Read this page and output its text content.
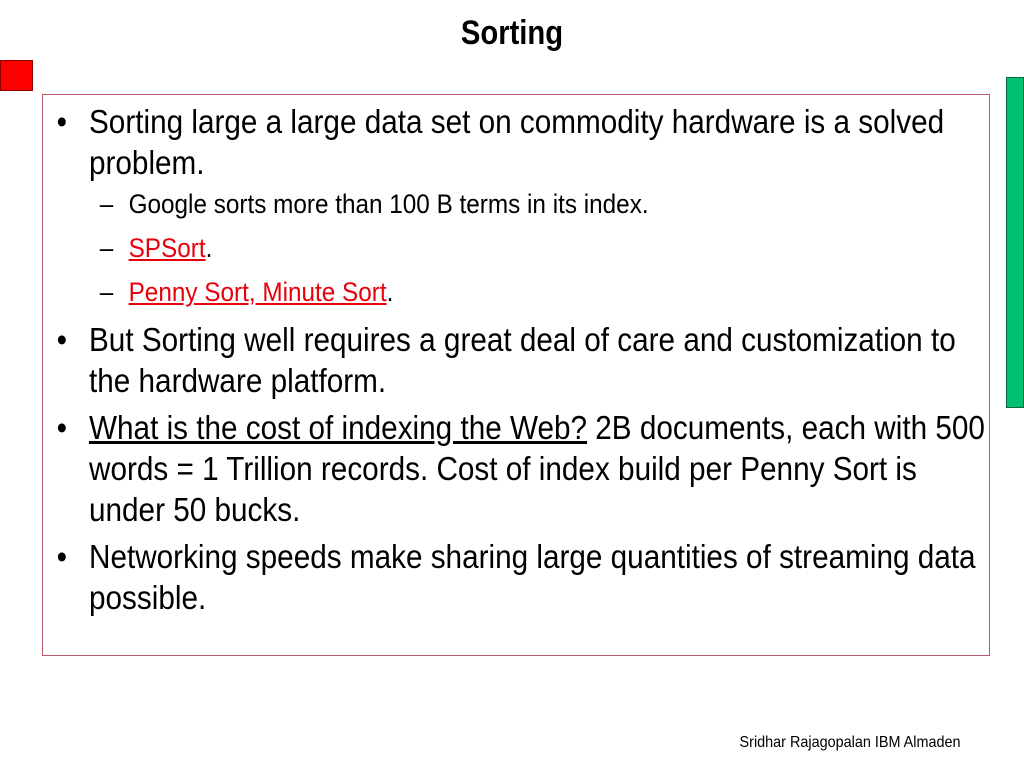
Sorting
• Sorting large a large data set on commodity hardware is a solved problem.
– Google sorts more than 100 B terms in its index.
– SPSort.
– Penny Sort, Minute Sort.
• But Sorting well requires a great deal of care and customization to the hardware platform.
• What is the cost of indexing the Web? 2B documents, each with 500 words = 1 Trillion records. Cost of index build per Penny Sort is under 50 bucks.
• Networking speeds make sharing large quantities of streaming data possible.
Sridhar Rajagopalan IBM Almaden
